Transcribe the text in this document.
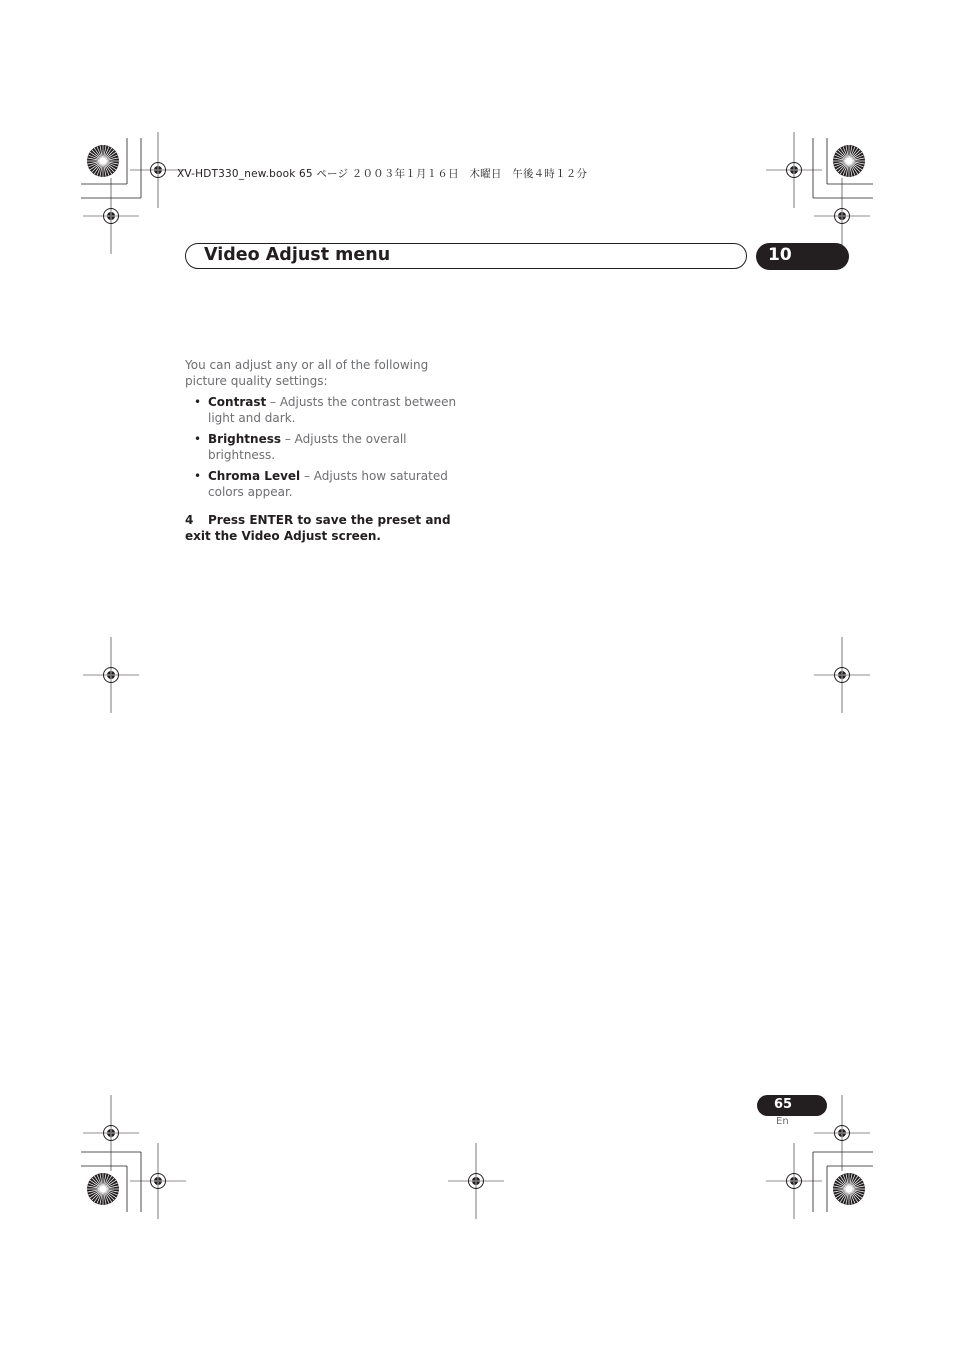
XV-HDT330_new.book 65 ページ ２００３年１月１６日　木曜日　午後４時１２分
Video Adjust menu	10

You can adjust any or all of the following picture quality settings:

• Contrast – Adjusts the contrast between light and dark.
• Brightness – Adjusts the overall brightness.
• Chroma Level – Adjusts how saturated colors appear.

4 Press ENTER to save the preset and exit the Video Adjust screen.

65
En
